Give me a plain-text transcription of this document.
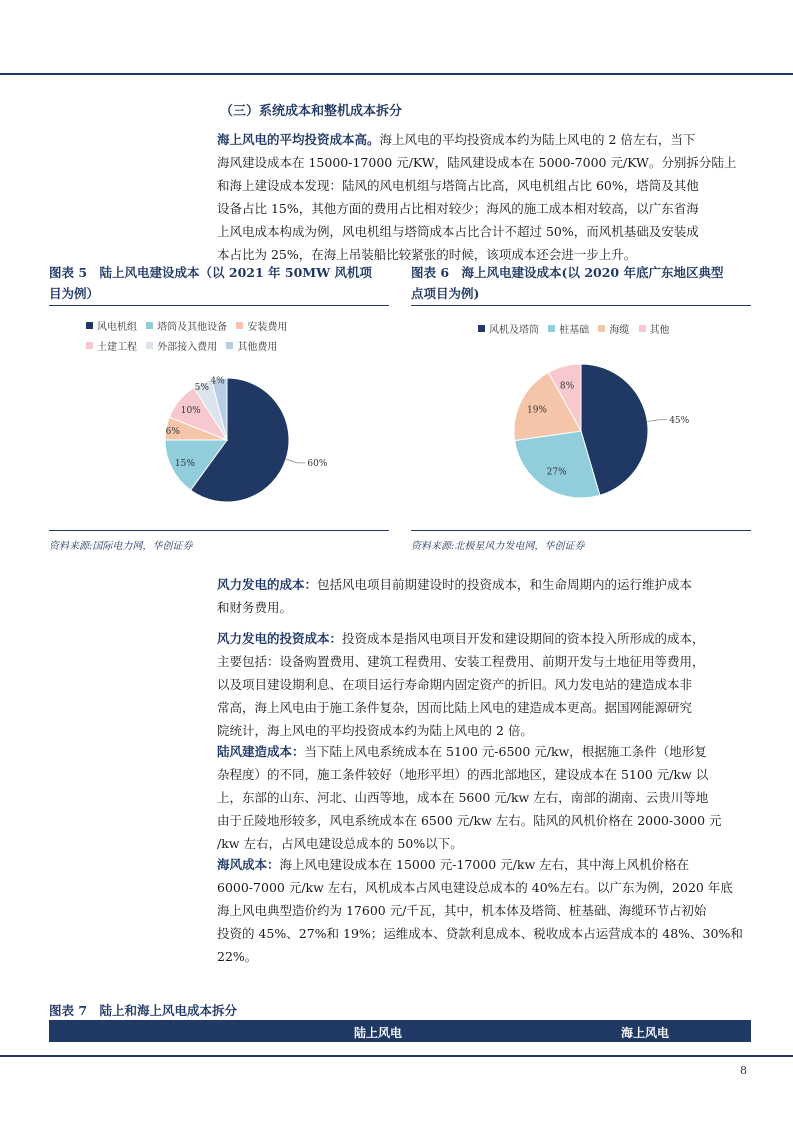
（三）系统成本和整机成本拆分
海上风电的平均投资成本高。海上风电的平均投资成本约为陆上风电的 2 倍左右，当下
海风建设成本在 15000-17000 元/KW，陆风建设成本在 5000-7000 元/KW。分别拆分陆上
和海上建设成本发现：陆风的风电机组与塔筒占比高，风电机组占比 60%，塔筒及其他
设备占比 15%，其他方面的费用占比相对较少；海风的施工成本相对较高，以广东省海
上风电成本构成为例，风电机组与塔筒成本占比合计不超过 50%，而风机基础及安装成
本占比为 25%，在海上吊装船比较紧张的时候，该项成本还会进一步上升。
图表 5　陆上风电建设成本（以 2021 年 50MW 风机项
目为例）
风电机组
塔筒及其他设备
安装费用
土建工程
外部接入费用
其他费用
60%
15%
6%
10%
5%
4%
资料来源:国际电力网，华创证券
图表 6　海上风电建设成本(以 2020 年底广东地区典型
点项目为例)
风机及塔筒
桩基础
海缆
其他
45%
27%
19%
8%
资料来源:北极星风力发电网，华创证券
风力发电的成本：包括风电项目前期建设时的投资成本，和生命周期内的运行维护成本
和财务费用。
风力发电的投资成本：投资成本是指风电项目开发和建设期间的资本投入所形成的成本，
主要包括：设备购置费用、建筑工程费用、安装工程费用、前期开发与土地征用等费用，
以及项目建设期利息、在项目运行寿命期内固定资产的折旧。风力发电站的建造成本非
常高，海上风电由于施工条件复杂，因而比陆上风电的建造成本更高。据国网能源研究
院统计，海上风电的平均投资成本约为陆上风电的 2 倍。
陆风建造成本：当下陆上风电系统成本在 5100 元-6500 元/kw，根据施工条件（地形复
杂程度）的不同，施工条件较好（地形平坦）的西北部地区，建设成本在 5100 元/kw 以
上，东部的山东、河北、山西等地，成本在 5600 元/kw 左右，南部的湖南、云贵川等地
由于丘陵地形较多，风电系统成本在 6500 元/kw 左右。陆风的风机价格在 2000-3000 元
/kw 左右，占风电建设总成本的 50%以下。
海风成本：海上风电建设成本在 15000 元-17000 元/kw 左右，其中海上风机价格在
6000-7000 元/kw 左右，风机成本占风电建设总成本的 40%左右。以广东为例，2020 年底
海上风电典型造价约为 17600 元/千瓦，其中，机本体及塔筒、桩基础、海缆环节占初始
投资的 45%、27%和 19%；运维成本、贷款利息成本、税收成本占运营成本的 48%、30%和
22%。
图表 7　陆上和海上风电成本拆分
陆上风电	海上风电
8
